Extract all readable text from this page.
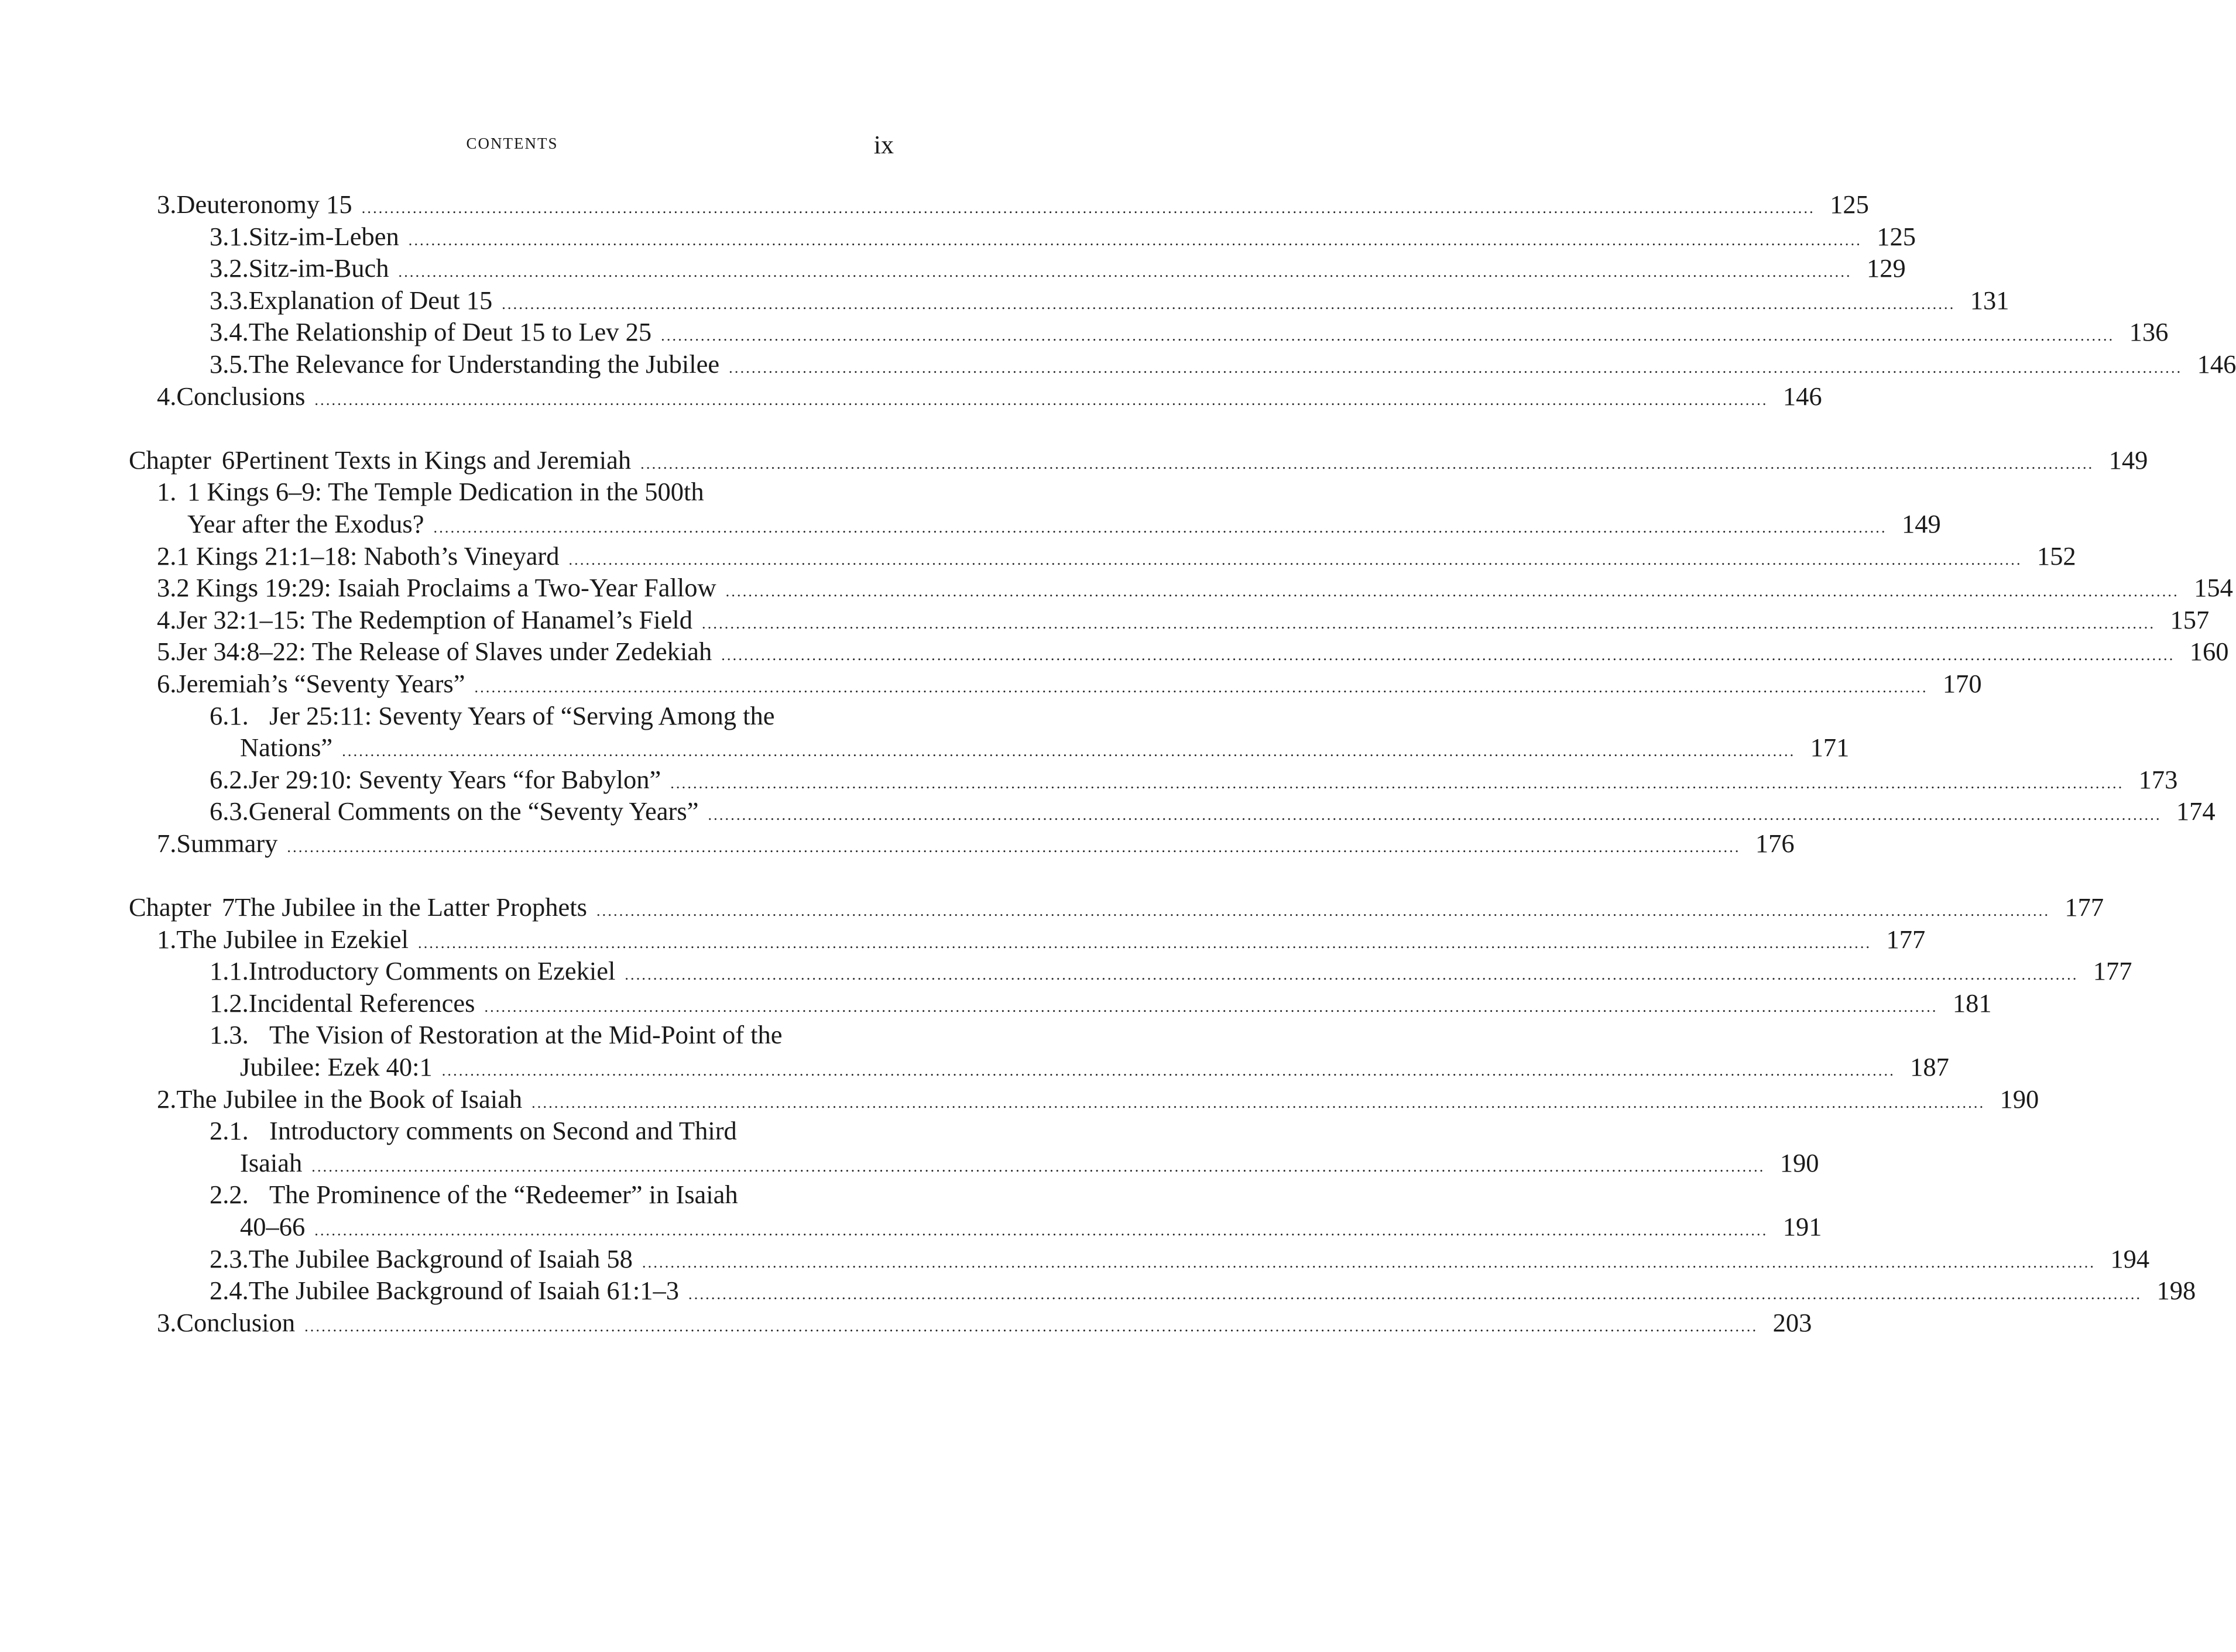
CONTENTS	ix
3. Deuteronomy 15 .....	125
3.1. Sitz-im-Leben .....	125
3.2. Sitz-im-Buch .....	129
3.3. Explanation of Deut 15 .....	131
3.4. The Relationship of Deut 15 to Lev 25 .....	136
3.5. The Relevance for Understanding the Jubilee .....	146
4. Conclusions .....	146
Chapter 6 Pertinent Texts in Kings and Jeremiah .....	149
1. 1 Kings 6–9: The Temple Dedication in the 500th
Year after the Exodus? .....	149
2. 1 Kings 21:1–18: Naboth’s Vineyard .....	152
3. 2 Kings 19:29: Isaiah Proclaims a Two-Year Fallow .....	154
4. Jer 32:1–15: The Redemption of Hanamel’s Field .....	157
5. Jer 34:8–22: The Release of Slaves under Zedekiah .....	160
6. Jeremiah’s “Seventy Years” .....	170
6.1. Jer 25:11: Seventy Years of “Serving Among the
Nations” .....	171
6.2. Jer 29:10: Seventy Years “for Babylon” .....	173
6.3. General Comments on the “Seventy Years” .....	174
7. Summary .....	176
Chapter 7 The Jubilee in the Latter Prophets .....	177
1. The Jubilee in Ezekiel .....	177
1.1. Introductory Comments on Ezekiel .....	177
1.2. Incidental References .....	181
1.3. The Vision of Restoration at the Mid-Point of the
Jubilee: Ezek 40:1 .....	187
2. The Jubilee in the Book of Isaiah .....	190
2.1. Introductory comments on Second and Third
Isaiah .....	190
2.2. The Prominence of the “Redeemer” in Isaiah
40–66 .....	191
2.3. The Jubilee Background of Isaiah 58 .....	194
2.4. The Jubilee Background of Isaiah 61:1–3 .....	198
3. Conclusion .....	203
